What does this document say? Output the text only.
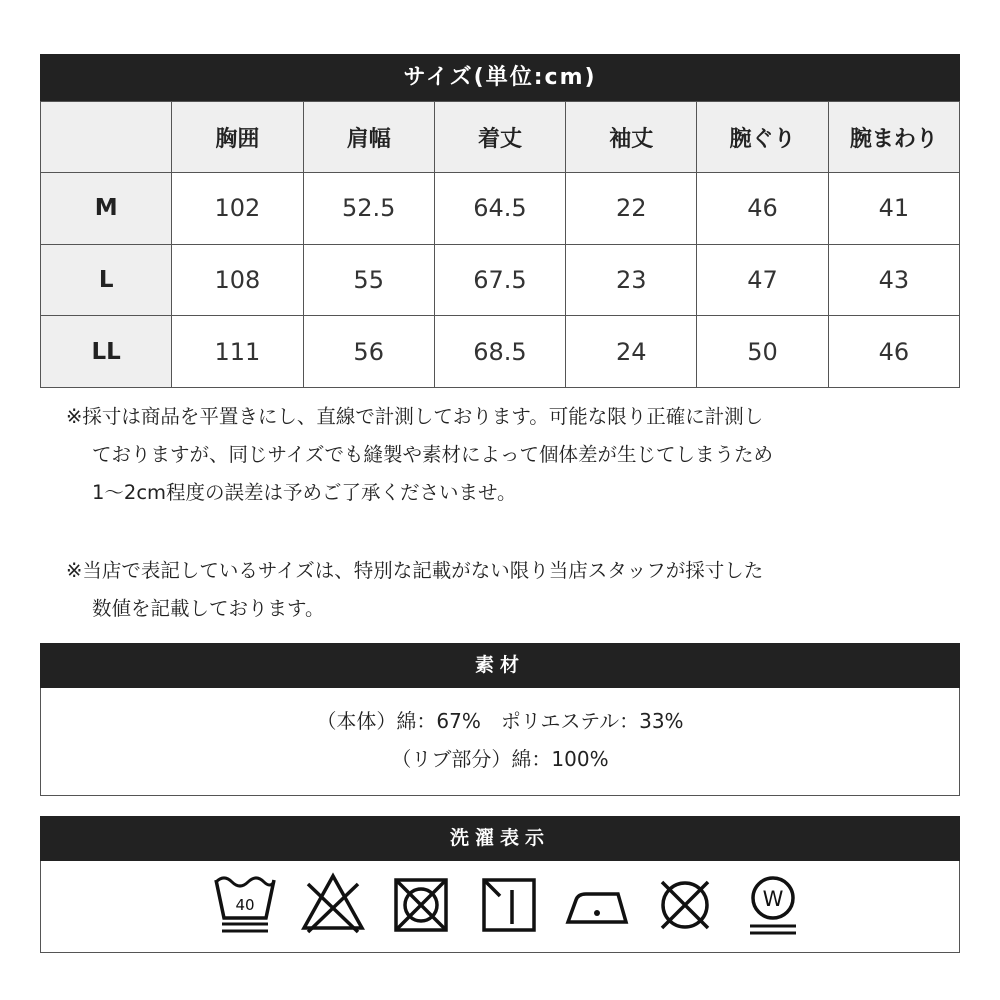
サイズ(単位:cm)
	胸囲	肩幅	着丈	袖丈	腕ぐり	腕まわり
M	102	52.5	64.5	22	46	41
L	108	55	67.5	23	47	43
LL	111	56	68.5	24	50	46
※採寸は商品を平置きにし、直線で計測しております。可能な限り正確に計測し
ておりますが、同じサイズでも縫製や素材によって個体差が生じてしまうため
1～2cm程度の誤差は予めご了承くださいませ。
※当店で表記しているサイズは、特別な記載がない限り当店スタッフが採寸した
数値を記載しております。
素材
（本体）綿：67%　ポリエステル：33%
（リブ部分）綿：100%
洗濯表示
40	W
